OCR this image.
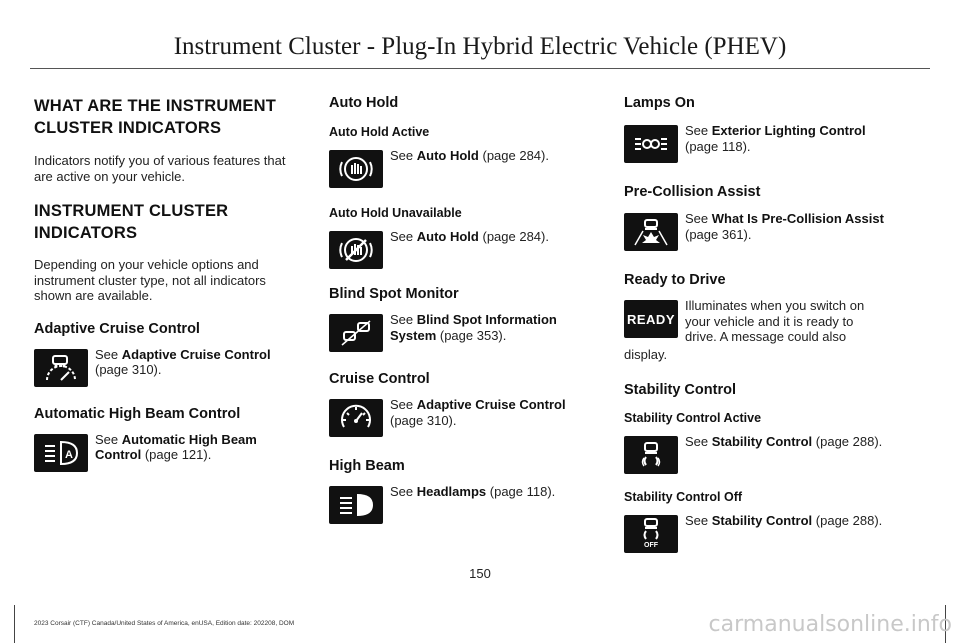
Instrument Cluster - Plug-In Hybrid Electric Vehicle (PHEV)
WHAT ARE THE INSTRUMENT
CLUSTER INDICATORS

Indicators notify you of various features that are active on your vehicle.

INSTRUMENT CLUSTER
INDICATORS

Depending on your vehicle options and instrument cluster type, not all indicators shown are available.

Adaptive Cruise Control
See Adaptive Cruise Control
(page 310).
Automatic High Beam Control
A
See Automatic High Beam Control (page 121).
Auto Hold
Auto Hold Active
See Auto Hold (page 284).
Auto Hold Unavailable
See Auto Hold (page 284).
Blind Spot Monitor
See Blind Spot Information System (page 353).
Cruise Control
See Adaptive Cruise Control
(page 310).
High Beam
See Headlamps (page 118).
Lamps On
See Exterior Lighting Control
(page 118).
Pre-Collision Assist
See What Is Pre-Collision Assist
(page 361).
Ready to Drive
READY
Illuminates when you switch on your vehicle and it is ready to drive. A message could also

display.

Stability Control
Stability Control Active
See Stability Control (page 288).
Stability Control Off
OFF
See Stability Control (page 288).
150
2023 Corsair (CTF) Canada/United States of America, enUSA, Edition date: 202208, DOM	carmanualsonline.info
